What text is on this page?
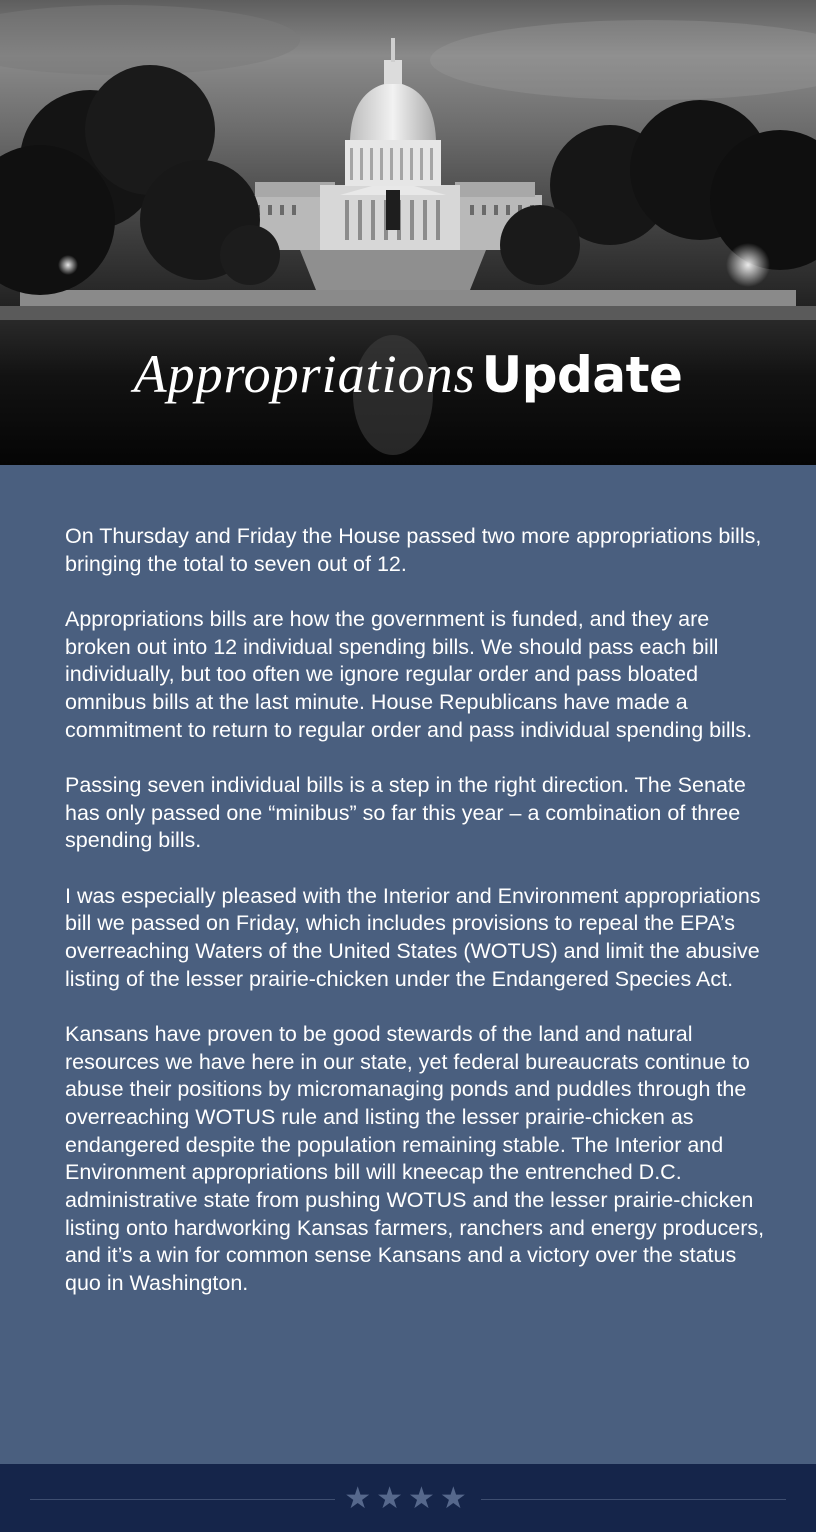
Appropriations Update

On Thursday and Friday the House passed two more appropriations bills, bringing the total to seven out of 12.

Appropriations bills are how the government is funded, and they are broken out into 12 individual spending bills. We should pass each bill individually, but too often we ignore regular order and pass bloated omnibus bills at the last minute. House Republicans have made a commitment to return to regular order and pass individual spending bills.

Passing seven individual bills is a step in the right direction. The Senate has only passed one “minibus” so far this year – a combination of three spending bills.

I was especially pleased with the Interior and Environment appropriations bill we passed on Friday, which includes provisions to repeal the EPA’s overreaching Waters of the United States (WOTUS) and limit the abusive listing of the lesser prairie-chicken under the Endangered Species Act.

Kansans have proven to be good stewards of the land and natural resources we have here in our state, yet federal bureaucrats continue to abuse their positions by micromanaging ponds and puddles through the overreaching WOTUS rule and listing the lesser prairie-chicken as endangered despite the population remaining stable. The Interior and Environment appropriations bill will kneecap the entrenched D.C. administrative state from pushing WOTUS and the lesser prairie-chicken listing onto hardworking Kansas farmers, ranchers and energy producers, and it’s a win for common sense Kansans and a victory over the status quo in Washington.

★★★★
